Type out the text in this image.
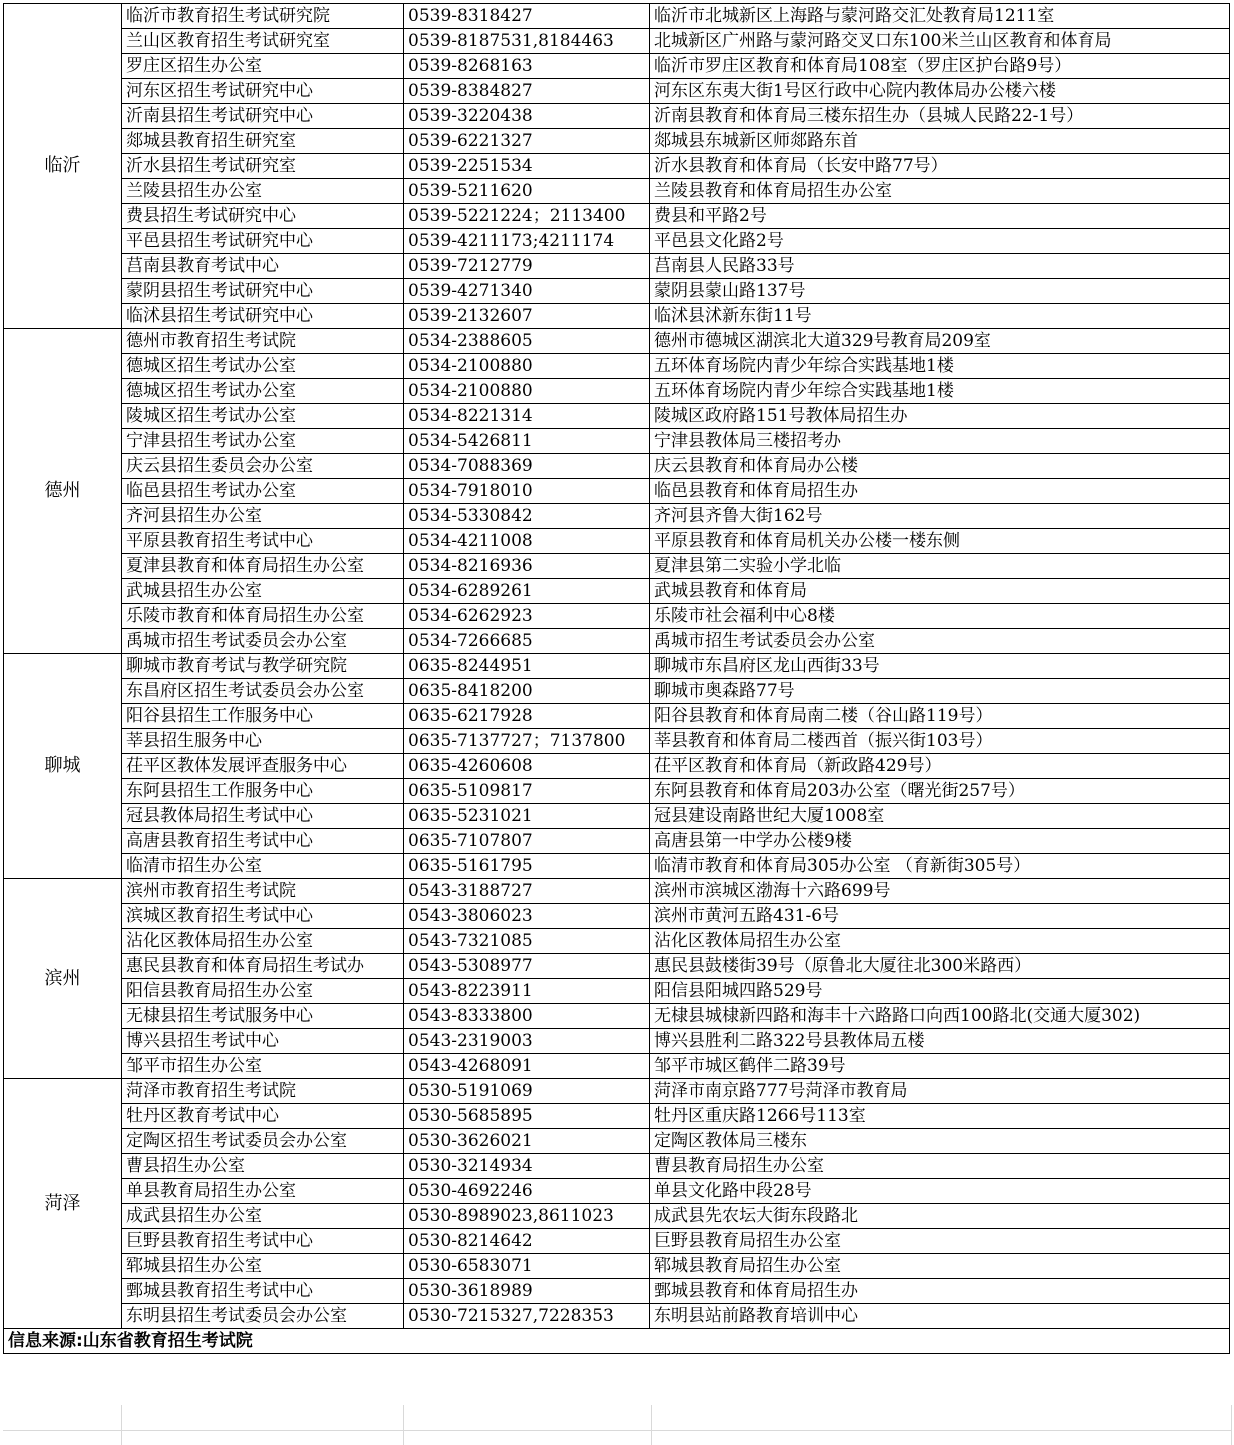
临沂	临沂市教育招生考试研究院	0539-8318427	临沂市北城新区上海路与蒙河路交汇处教育局1211室
	兰山区教育招生考试研究室	0539-8187531,8184463	北城新区广州路与蒙河路交叉口东100米兰山区教育和体育局
	罗庄区招生办公室	0539-8268163	临沂市罗庄区教育和体育局108室（罗庄区护台路9号）
	河东区招生考试研究中心	0539-8384827	河东区东夷大街1号区行政中心院内教体局办公楼六楼
	沂南县招生考试研究中心	0539-3220438	沂南县教育和体育局三楼东招生办（县城人民路22-1号）
	郯城县教育招生研究室	0539-6221327	郯城县东城新区师郯路东首
	沂水县招生考试研究室	0539-2251534	沂水县教育和体育局（长安中路77号）
	兰陵县招生办公室	0539-5211620	兰陵县教育和体育局招生办公室
	费县招生考试研究中心	0539-5221224；2113400	费县和平路2号
	平邑县招生考试研究中心	0539-4211173;4211174	平邑县文化路2号
	莒南县教育考试中心	0539-7212779	莒南县人民路33号
	蒙阴县招生考试研究中心	0539-4271340	蒙阴县蒙山路137号
	临沭县招生考试研究中心	0539-2132607	临沭县沭新东街11号
德州	德州市教育招生考试院	0534-2388605	德州市德城区湖滨北大道329号教育局209室
	德城区招生考试办公室	0534-2100880	五环体育场院内青少年综合实践基地1楼
	德城区招生考试办公室	0534-2100880	五环体育场院内青少年综合实践基地1楼
	陵城区招生考试办公室	0534-8221314	陵城区政府路151号教体局招生办
	宁津县招生考试办公室	0534-5426811	宁津县教体局三楼招考办
	庆云县招生委员会办公室	0534-7088369	庆云县教育和体育局办公楼
	临邑县招生考试办公室	0534-7918010	临邑县教育和体育局招生办
	齐河县招生办公室	0534-5330842	齐河县齐鲁大街162号
	平原县教育招生考试中心	0534-4211008	平原县教育和体育局机关办公楼一楼东侧
	夏津县教育和体育局招生办公室	0534-8216936	夏津县第二实验小学北临
	武城县招生办公室	0534-6289261	武城县教育和体育局
	乐陵市教育和体育局招生办公室	0534-6262923	乐陵市社会福利中心8楼
	禹城市招生考试委员会办公室	0534-7266685	禹城市招生考试委员会办公室
聊城	聊城市教育考试与教学研究院	0635-8244951	聊城市东昌府区龙山西街33号
	东昌府区招生考试委员会办公室	0635-8418200	聊城市奥森路77号
	阳谷县招生工作服务中心	0635-6217928	阳谷县教育和体育局南二楼（谷山路119号）
	莘县招生服务中心	0635-7137727；7137800	莘县教育和体育局二楼西首（振兴街103号）
	茌平区教体发展评查服务中心	0635-4260608	茌平区教育和体育局（新政路429号）
	东阿县招生工作服务中心	0635-5109817	东阿县教育和体育局203办公室（曙光街257号）
	冠县教体局招生考试中心	0635-5231021	冠县建设南路世纪大厦1008室
	高唐县教育招生考试中心	0635-7107807	高唐县第一中学办公楼9楼
	临清市招生办公室	0635-5161795	临清市教育和体育局305办公室 （育新街305号）
滨州	滨州市教育招生考试院	0543-3188727	滨州市滨城区渤海十六路699号
	滨城区教育招生考试中心	0543-3806023	滨州市黄河五路431-6号
	沾化区教体局招生办公室	0543-7321085	沾化区教体局招生办公室
	惠民县教育和体育局招生考试办	0543-5308977	惠民县鼓楼街39号（原鲁北大厦往北300米路西）
	阳信县教育局招生办公室	0543-8223911	阳信县阳城四路529号
	无棣县招生考试服务中心	0543-8333800	无棣县城棣新四路和海丰十六路路口向西100路北(交通大厦302)
	博兴县招生考试中心	0543-2319003	博兴县胜利二路322号县教体局五楼
	邹平市招生办公室	0543-4268091	邹平市城区鹤伴二路39号
菏泽	菏泽市教育招生考试院	0530-5191069	菏泽市南京路777号菏泽市教育局
	牡丹区教育考试中心	0530-5685895	牡丹区重庆路1266号113室
	定陶区招生考试委员会办公室	0530-3626021	定陶区教体局三楼东
	曹县招生办公室	0530-3214934	曹县教育局招生办公室
	单县教育局招生办公室	0530-4692246	单县文化路中段28号
	成武县招生办公室	0530-8989023,8611023	成武县先农坛大街东段路北
	巨野县教育招生考试中心	0530-8214642	巨野县教育局招生办公室
	郓城县招生办公室	0530-6583071	郓城县教育局招生办公室
	鄄城县教育招生考试中心	0530-3618989	鄄城县教育和体育局招生办
	东明县招生考试委员会办公室	0530-7215327,7228353	东明县站前路教育培训中心
信息来源:山东省教育招生考试院			
